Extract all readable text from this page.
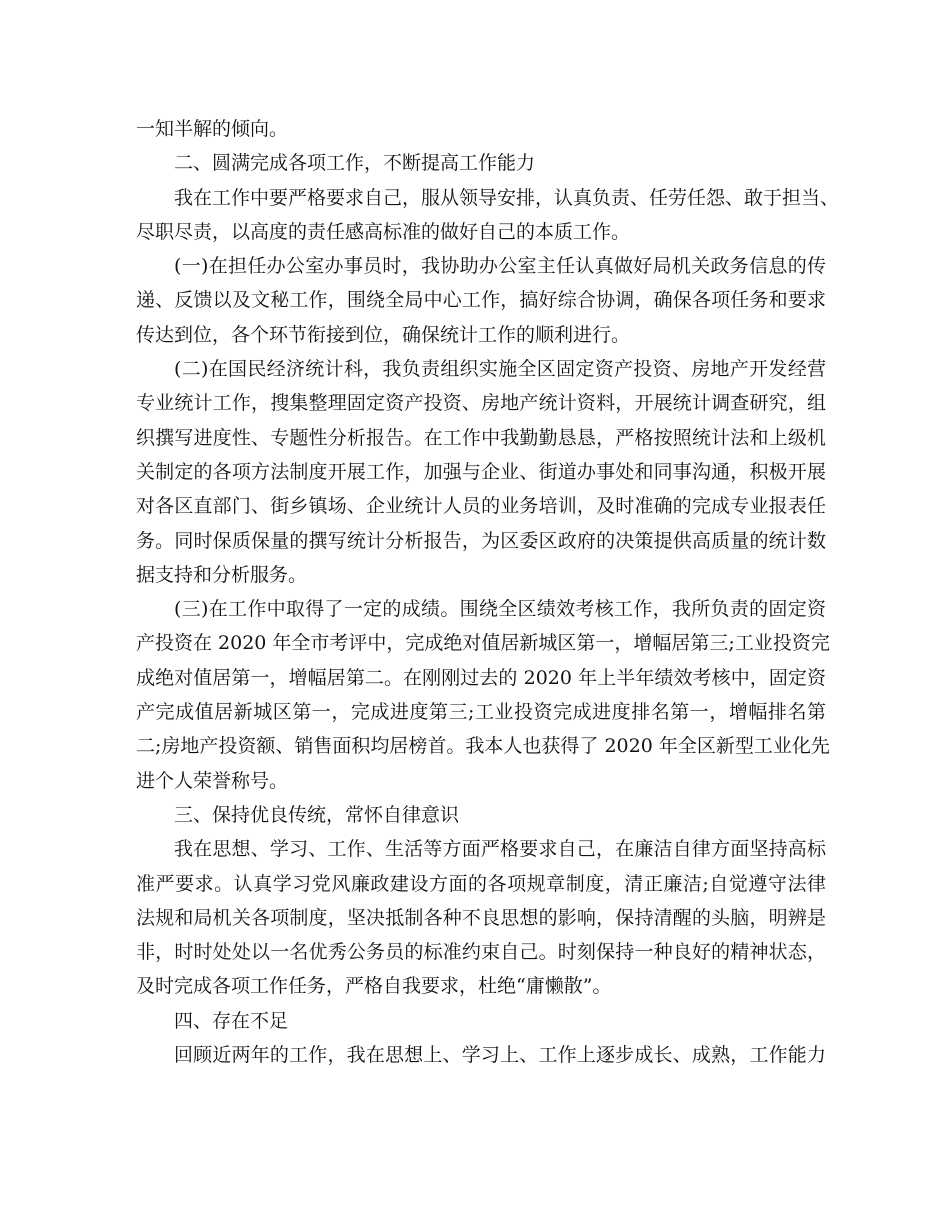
一知半解的倾向。
二、圆满完成各项工作，不断提高工作能力
我在工作中要严格要求自己，服从领导安排，认真负责、任劳任怨、敢于担当、
尽职尽责，以高度的责任感高标准的做好自己的本质工作。
(一)在担任办公室办事员时，我协助办公室主任认真做好局机关政务信息的传
递、反馈以及文秘工作，围绕全局中心工作，搞好综合协调，确保各项任务和要求
传达到位，各个环节衔接到位，确保统计工作的顺利进行。
(二)在国民经济统计科，我负责组织实施全区固定资产投资、房地产开发经营
专业统计工作，搜集整理固定资产投资、房地产统计资料，开展统计调查研究，组
织撰写进度性、专题性分析报告。在工作中我勤勤恳恳，严格按照统计法和上级机
关制定的各项方法制度开展工作，加强与企业、街道办事处和同事沟通，积极开展
对各区直部门、街乡镇场、企业统计人员的业务培训，及时准确的完成专业报表任
务。同时保质保量的撰写统计分析报告，为区委区政府的决策提供高质量的统计数
据支持和分析服务。
(三)在工作中取得了一定的成绩。围绕全区绩效考核工作，我所负责的固定资
产投资在 2020 年全市考评中，完成绝对值居新城区第一，增幅居第三;工业投资完
成绝对值居第一，增幅居第二。在刚刚过去的 2020 年上半年绩效考核中，固定资
产完成值居新城区第一，完成进度第三;工业投资完成进度排名第一，增幅排名第
二;房地产投资额、销售面积均居榜首。我本人也获得了 2020 年全区新型工业化先
进个人荣誉称号。
三、保持优良传统，常怀自律意识
我在思想、学习、工作、生活等方面严格要求自己，在廉洁自律方面坚持高标
准严要求。认真学习党风廉政建设方面的各项规章制度，清正廉洁;自觉遵守法律
法规和局机关各项制度，坚决抵制各种不良思想的影响，保持清醒的头脑，明辨是
非，时时处处以一名优秀公务员的标准约束自己。时刻保持一种良好的精神状态，
及时完成各项工作任务，严格自我要求，杜绝“庸懒散”。
四、存在不足
回顾近两年的工作，我在思想上、学习上、工作上逐步成长、成熟，工作能力
